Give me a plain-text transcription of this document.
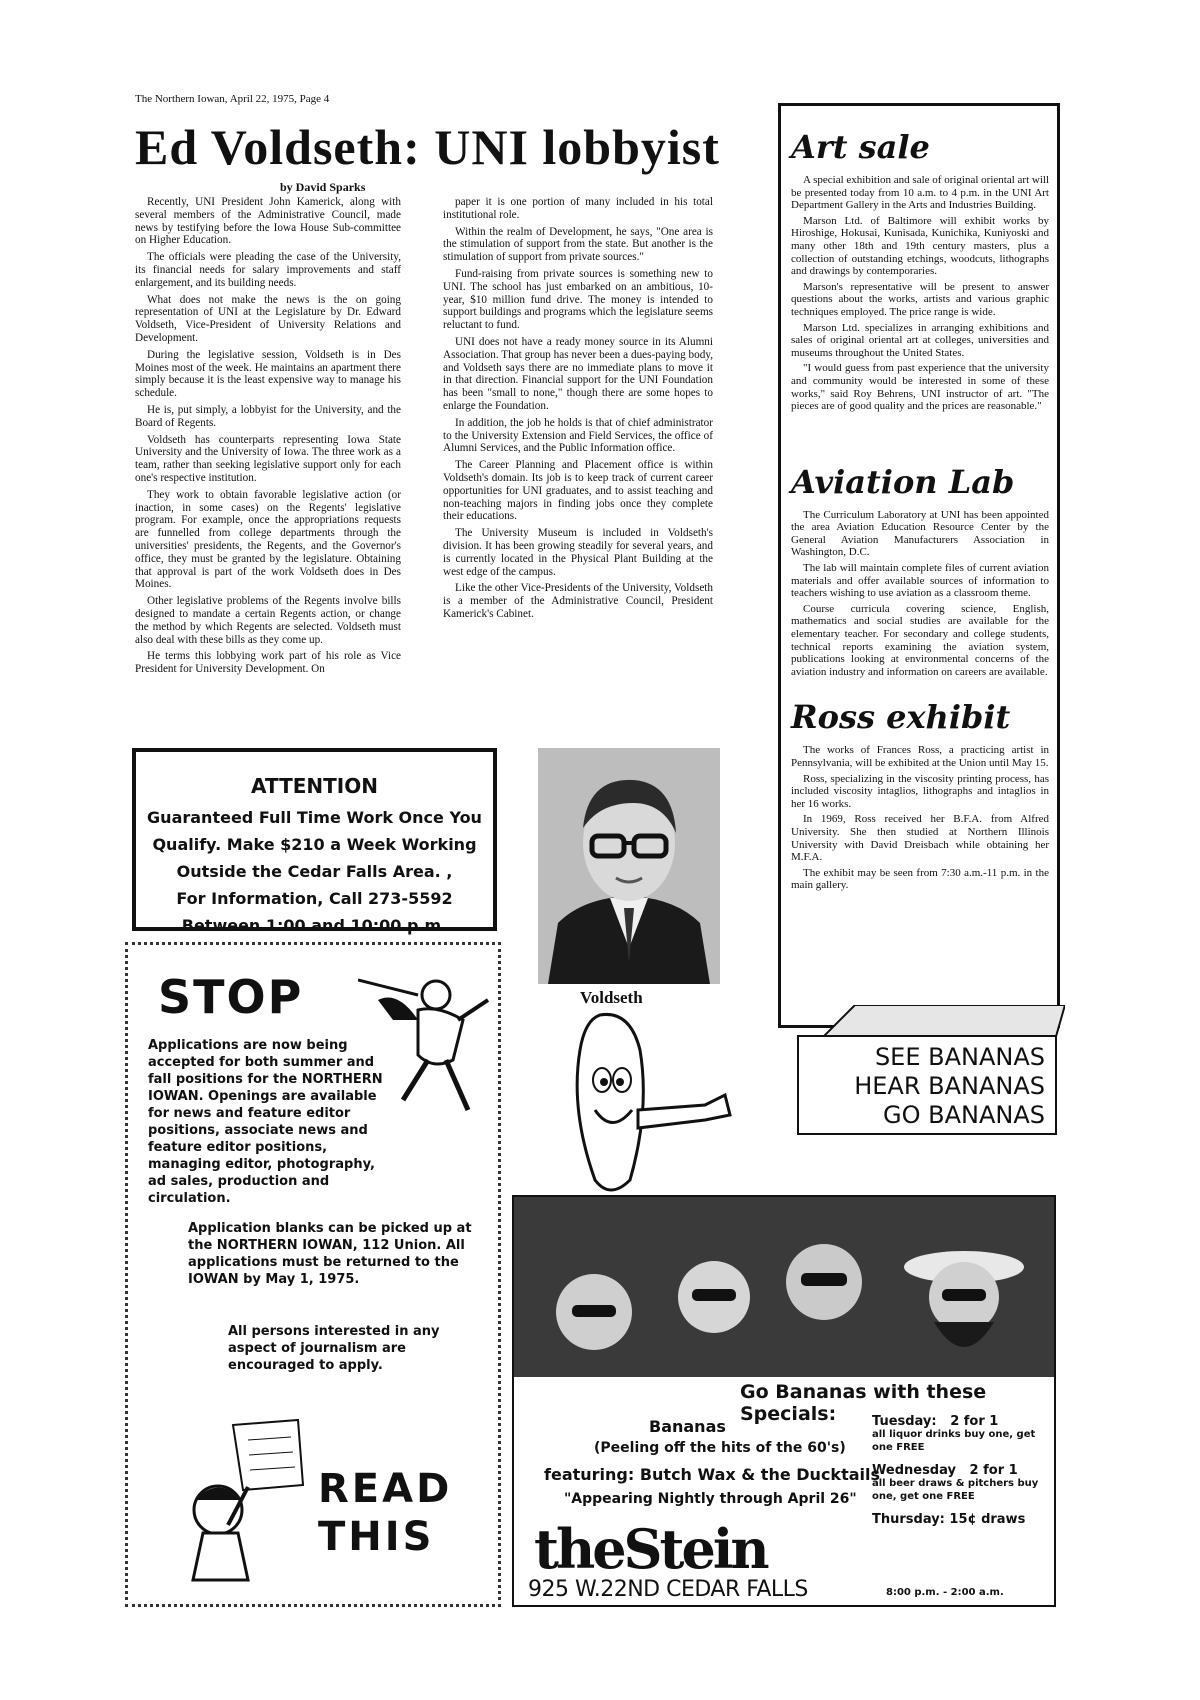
The Northern Iowan, April 22, 1975, Page 4
Ed Voldseth: UNI lobbyist
by David Sparks

Recently, UNI President John Kamerick, along with several members of the Administrative Council, made news by testifying before the Iowa House Sub-committee on Higher Education.

The officials were pleading the case of the University, its financial needs for salary improvements and staff enlargement, and its building needs.

What does not make the news is the on going representation of UNI at the Legislature by Dr. Edward Voldseth, Vice-President of University Relations and Development.

During the legislative session, Voldseth is in Des Moines most of the week. He maintains an apartment there simply because it is the least expensive way to manage his schedule.

He is, put simply, a lobbyist for the University, and the Board of Regents.

Voldseth has counterparts representing Iowa State University and the University of Iowa. The three work as a team, rather than seeking legislative support only for each one's respective institution.

They work to obtain favorable legislative action (or inaction, in some cases) on the Regents' legislative program. For example, once the appropriations requests are funnelled from college departments through the universities' presidents, the Regents, and the Governor's office, they must be granted by the legislature. Obtaining that approval is part of the work Voldseth does in Des Moines.

Other legislative problems of the Regents involve bills designed to mandate a certain Regents action, or change the method by which Regents are selected. Voldseth must also deal with these bills as they come up.

He terms this lobbying work part of his role as Vice President for University Development. On

paper it is one portion of many included in his total institutional role.

Within the realm of Development, he says, "One area is the stimulation of support from the state. But another is the stimulation of support from private sources."

Fund-raising from private sources is something new to UNI. The school has just embarked on an ambitious, 10-year, $10 million fund drive. The money is intended to support buildings and programs which the legislature seems reluctant to fund.

UNI does not have a ready money source in its Alumni Association. That group has never been a dues-paying body, and Voldseth says there are no immediate plans to move it in that direction. Financial support for the UNI Foundation has been "small to none," though there are some hopes to enlarge the Foundation.

In addition, the job he holds is that of chief administrator to the University Extension and Field Services, the office of Alumni Services, and the Public Information office.

The Career Planning and Placement office is within Voldseth's domain. Its job is to keep track of current career opportunities for UNI graduates, and to assist teaching and non-teaching majors in finding jobs once they complete their educations.

The University Museum is included in Voldseth's division. It has been growing steadily for several years, and is currently located in the Physical Plant Building at the west edge of the campus.

Like the other Vice-Presidents of the University, Voldseth is a member of the Administrative Council, President Kamerick's Cabinet.

Art sale

A special exhibition and sale of original oriental art will be presented today from 10 a.m. to 4 p.m. in the UNI Art Department Gallery in the Arts and Industries Building.

Marson Ltd. of Baltimore will exhibit works by Hiroshige, Hokusai, Kunisada, Kunichika, Kuniyoski and many other 18th and 19th century masters, plus a collection of outstanding etchings, woodcuts, lithographs and drawings by contemporaries.

Marson's representative will be present to answer questions about the works, artists and various graphic techniques employed. The price range is wide.

Marson Ltd. specializes in arranging exhibitions and sales of original oriental art at colleges, universities and museums throughout the United States.

"I would guess from past experience that the university and community would be interested in some of these works," said Roy Behrens, UNI instructor of art. "The pieces are of good quality and the prices are reasonable."

Aviation Lab

The Curriculum Laboratory at UNI has been appointed the area Aviation Education Resource Center by the General Aviation Manufacturers Association in Washington, D.C.

The lab will maintain complete files of current aviation materials and offer available sources of information to teachers wishing to use aviation as a classroom theme.

Course curricula covering science, English, mathematics and social studies are available for the elementary teacher. For secondary and college students, technical reports examining the aviation system, publications looking at environmental concerns of the aviation industry and information on careers are available.

Ross exhibit

The works of Frances Ross, a practicing artist in Pennsylvania, will be exhibited at the Union until May 15.

Ross, specializing in the viscosity printing process, has included viscosity intaglios, lithographs and intaglios in her 16 works.

In 1969, Ross received her B.F.A. from Alfred University. She then studied at Northern Illinois University with David Dreisbach while obtaining her M.F.A.

The exhibit may be seen from 7:30 a.m.-11 p.m. in the main gallery.

ATTENTION
Guaranteed Full Time Work Once You
Qualify. Make $210 a Week Working
Outside the Cedar Falls Area. ,
For Information, Call 273-5592
Between 1:00 and 10:00 p.m.
Voldseth
STOP
Applications are now being accepted for both summer and fall positions for the NORTHERN IOWAN. Openings are available for news and feature editor positions, associate news and feature editor positions, managing editor, photography, ad sales, production and circulation.
Application blanks can be picked up at the NORTHERN IOWAN, 112 Union. All applications must be returned to the IOWAN by May 1, 1975.
All persons interested in any aspect of journalism are encouraged to apply.
READ
THIS
SEE BANANAS
HEAR BANANAS
GO BANANAS
Go Bananas with these Specials:
Bananas
(Peeling off the hits of the 60's)
featuring: Butch Wax & the Ducktails
"Appearing Nightly through April 26"
theStein
925 W.22ND CEDAR FALLS
Tuesday: 2 for 1
all liquor drinks buy one, get one FREE
Wednesday 2 for 1
all beer draws & pitchers buy one, get one FREE
Thursday: 15¢ draws
8:00 p.m. - 2:00 a.m.
